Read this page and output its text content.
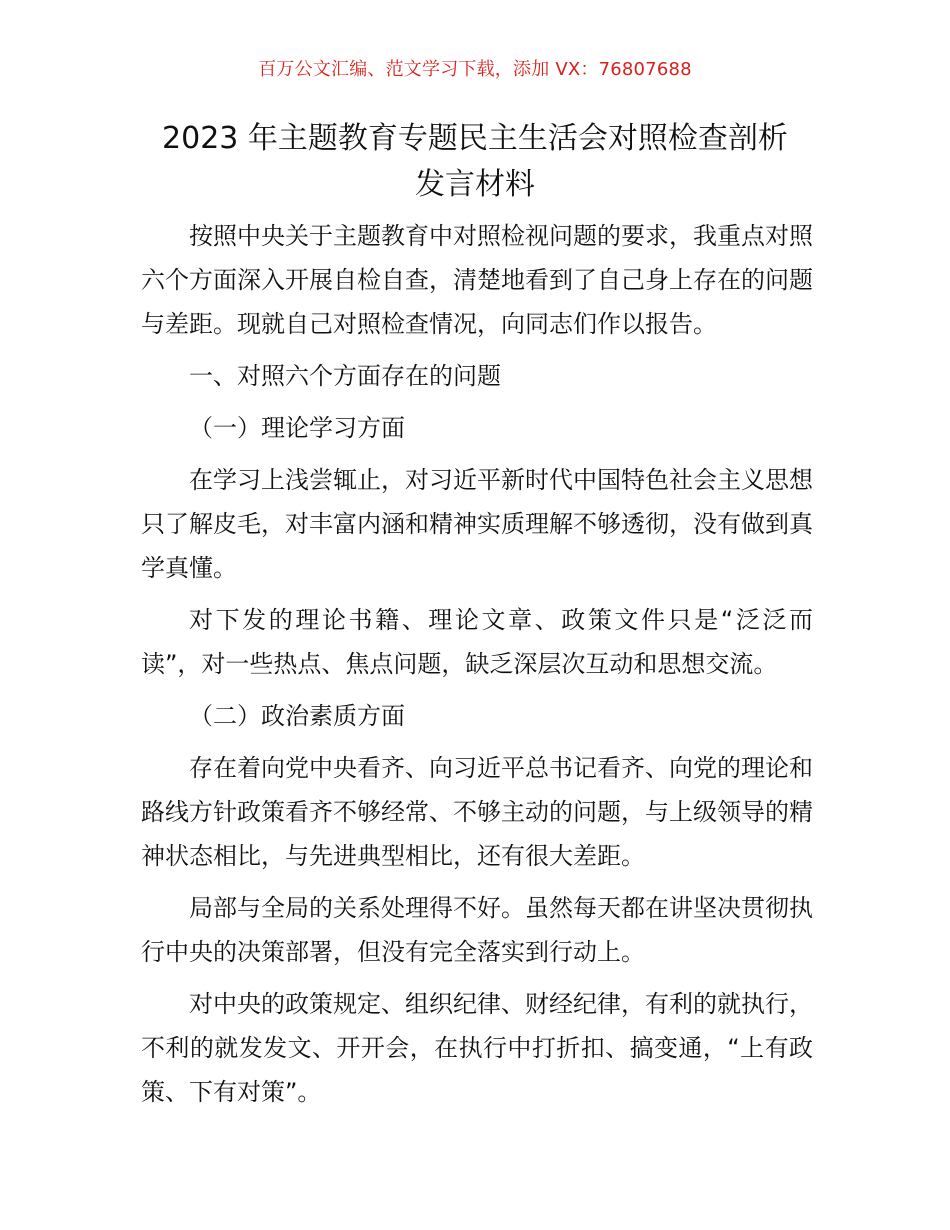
百万公文汇编、范文学习下载，添加 VX：76807688
2023 年主题教育专题民主生活会对照检查剖析
发言材料

按照中央关于主题教育中对照检视问题的要求，我重点对照六个方面深入开展自检自查，清楚地看到了自己身上存在的问题与差距。现就自己对照检查情况，向同志们作以报告。

一、对照六个方面存在的问题

（一）理论学习方面

在学习上浅尝辄止，对习近平新时代中国特色社会主义思想只了解皮毛，对丰富内涵和精神实质理解不够透彻，没有做到真学真懂。

对下发的理论书籍、理论文章、政策文件只是“泛泛而读”，对一些热点、焦点问题，缺乏深层次互动和思想交流。

（二）政治素质方面

存在着向党中央看齐、向习近平总书记看齐、向党的理论和路线方针政策看齐不够经常、不够主动的问题，与上级领导的精神状态相比，与先进典型相比，还有很大差距。

局部与全局的关系处理得不好。虽然每天都在讲坚决贯彻执行中央的决策部署，但没有完全落实到行动上。

对中央的政策规定、组织纪律、财经纪律，有利的就执行，不利的就发发文、开开会，在执行中打折扣、搞变通，“上有政策、下有对策”。
